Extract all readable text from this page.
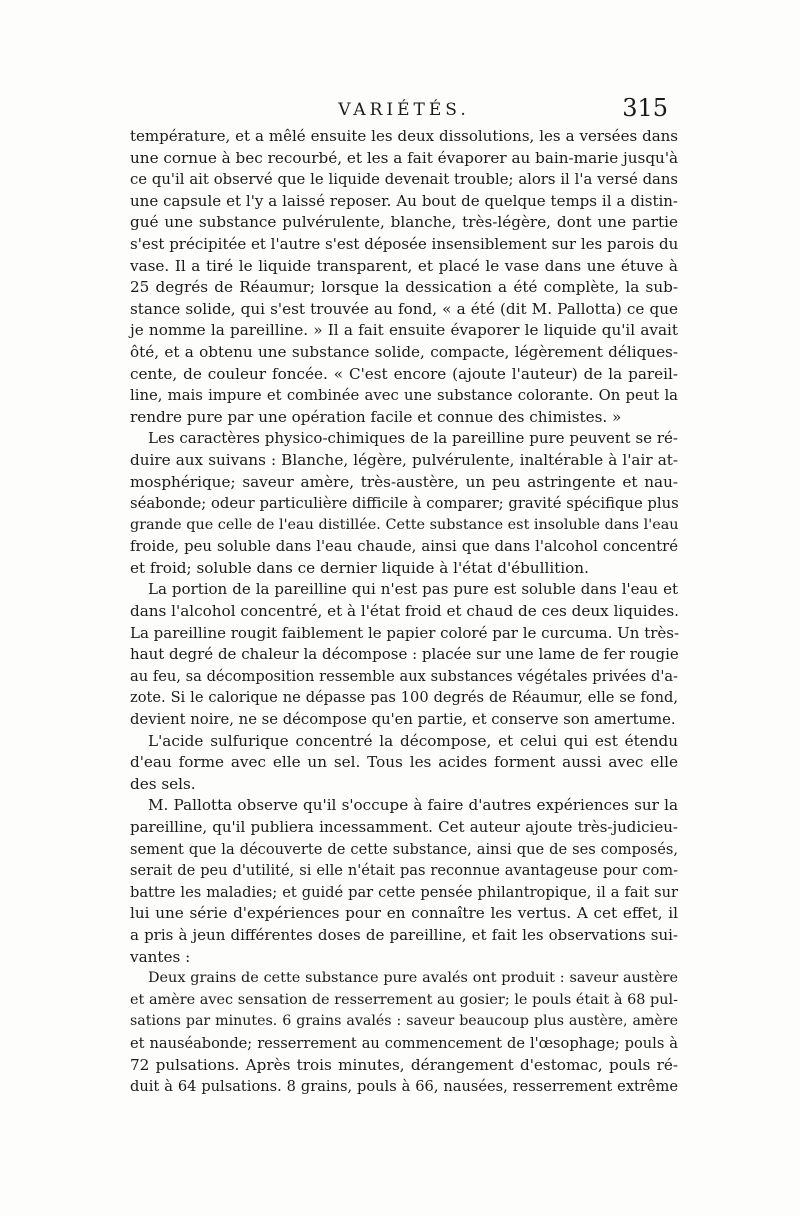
VARIÉTÉS.	315
température, et a mêlé ensuite les deux dissolutions, les a versées dans
une cornue à bec recourbé, et les a fait évaporer au bain-marie jusqu'à
ce qu'il ait observé que le liquide devenait trouble; alors il l'a versé dans
une capsule et l'y a laissé reposer. Au bout de quelque temps il a distin-
gué une substance pulvérulente, blanche, très-légère, dont une partie
s'est précipitée et l'autre s'est déposée insensiblement sur les parois du
vase. Il a tiré le liquide transparent, et placé le vase dans une étuve à
25 degrés de Réaumur; lorsque la dessication a été complète, la sub-
stance solide, qui s'est trouvée au fond, « a été (dit M. Pallotta) ce que
je nomme la pareilline. » Il a fait ensuite évaporer le liquide qu'il avait
ôté, et a obtenu une substance solide, compacte, légèrement déliques-
cente, de couleur foncée. « C'est encore (ajoute l'auteur) de la pareil-
line, mais impure et combinée avec une substance colorante. On peut la
rendre pure par une opération facile et connue des chimistes. »
Les caractères physico-chimiques de la pareilline pure peuvent se ré-
duire aux suivans : Blanche, légère, pulvérulente, inaltérable à l'air at-
mosphérique; saveur amère, très-austère, un peu astringente et nau-
séabonde; odeur particulière difficile à comparer; gravité spécifique plus
grande que celle de l'eau distillée. Cette substance est insoluble dans l'eau
froide, peu soluble dans l'eau chaude, ainsi que dans l'alcohol concentré
et froid; soluble dans ce dernier liquide à l'état d'ébullition.
La portion de la pareilline qui n'est pas pure est soluble dans l'eau et
dans l'alcohol concentré, et à l'état froid et chaud de ces deux liquides.
La pareilline rougit faiblement le papier coloré par le curcuma. Un très-
haut degré de chaleur la décompose : placée sur une lame de fer rougie
au feu, sa décomposition ressemble aux substances végétales privées d'a-
zote. Si le calorique ne dépasse pas 100 degrés de Réaumur, elle se fond,
devient noire, ne se décompose qu'en partie, et conserve son amertume.
L'acide sulfurique concentré la décompose, et celui qui est étendu
d'eau forme avec elle un sel. Tous les acides forment aussi avec elle
des sels.
M. Pallotta observe qu'il s'occupe à faire d'autres expériences sur la
pareilline, qu'il publiera incessamment. Cet auteur ajoute très-judicieu-
sement que la découverte de cette substance, ainsi que de ses composés,
serait de peu d'utilité, si elle n'était pas reconnue avantageuse pour com-
battre les maladies; et guidé par cette pensée philantropique, il a fait sur
lui une série d'expériences pour en connaître les vertus. A cet effet, il
a pris à jeun différentes doses de pareilline, et fait les observations sui-
vantes :
Deux grains de cette substance pure avalés ont produit : saveur austère
et amère avec sensation de resserrement au gosier; le pouls était à 68 pul-
sations par minutes. 6 grains avalés : saveur beaucoup plus austère, amère
et nauséabonde; resserrement au commencement de l'œsophage; pouls à
72 pulsations. Après trois minutes, dérangement d'estomac, pouls ré-
duit à 64 pulsations. 8 grains, pouls à 66, nausées, resserrement extrême
